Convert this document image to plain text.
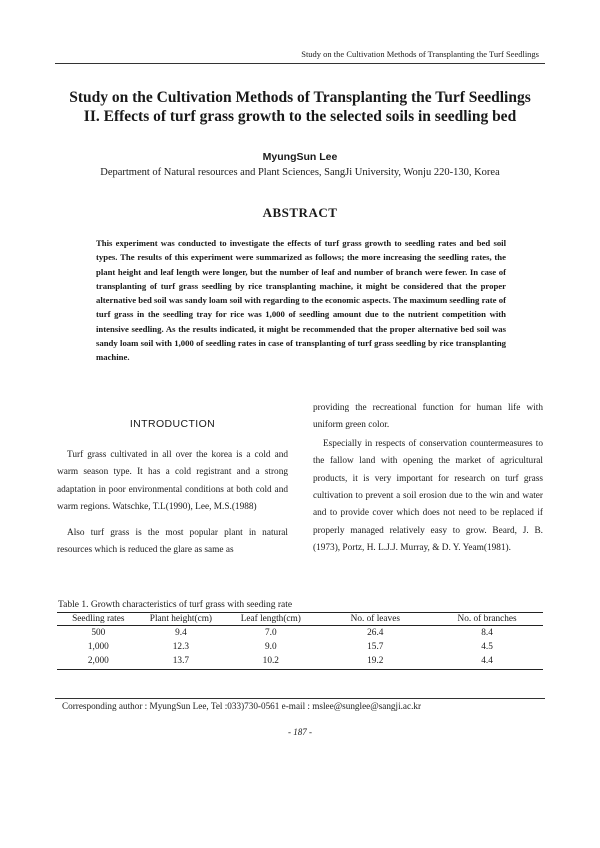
Study on the Cultivation Methods of Transplanting the Turf Seedlings
Study on the Cultivation Methods of Transplanting the Turf Seedlings
II. Effects of turf grass growth to the selected soils in seedling bed
MyungSun Lee
Department of Natural resources and Plant Sciences, SangJi University, Wonju 220-130, Korea
ABSTRACT
This experiment was conducted to investigate the effects of turf grass growth to seedling rates and bed soil types. The results of this experiment were summarized as follows; the more increasing the seedling rates, the plant height and leaf length were longer, but the number of leaf and number of branch were fewer. In case of transplanting of turf grass seedling by rice transplanting machine, it might be considered that the proper alternative bed soil was sandy loam soil with regarding to the economic aspects. The maximum seedling rate of turf grass in the seedling tray for rice was 1,000 of seedling amount due to the nutrient competition with intensive seedling. As the results indicated, it might be recommended that the proper alternative bed soil was sandy loam soil with 1,000 of seedling rates in case of transplanting of turf grass seedling by rice transplanting machine.
INTRODUCTION

Turf grass cultivated in all over the korea is a cold and warm season type. It has a cold registrant and a strong adaptation in poor environmental conditions at both cold and warm regions. Watschke, T.L(1990), Lee, M.S.(1988)

Also turf grass is the most popular plant in natural resources which is reduced the glare as same as

providing the recreational function for human life with uniform green color.

Especially in respects of conservation countermeasures to the fallow land with opening the market of agricultural products, it is very important for research on turf grass cultivation to prevent a soil erosion due to the win and water and to provide cover which does not need to be replaced if properly managed relatively easy to grow. Beard, J. B. (1973), Portz, H. L.J.J. Murray, & D. Y. Yeam(1981).

Table 1. Growth characteristics of turf grass with seeding rate
Seedling rates	Plant height(cm)	Leaf length(cm)	No. of leaves	No. of branches
500	9.4	7.0	26.4	8.4
1,000	12.3	9.0	15.7	4.5
2,000	13.7	10.2	19.2	4.4
Corresponding author : MyungSun Lee, Tel :033)730-0561 e-mail : mslee@sunglee@sangji.ac.kr
- 187 -
